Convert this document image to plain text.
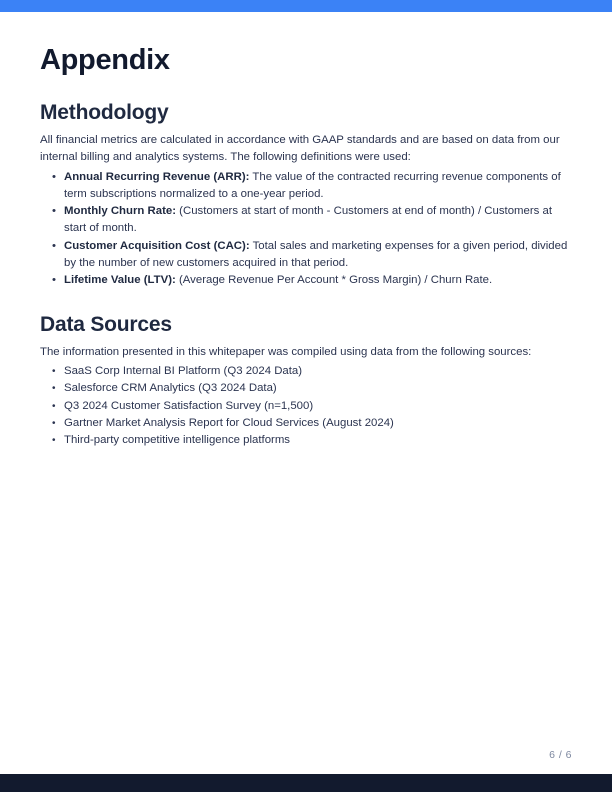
Appendix
Methodology

All financial metrics are calculated in accordance with GAAP standards and are based on data from our internal billing and analytics systems. The following definitions were used:

• Annual Recurring Revenue (ARR): The value of the contracted recurring revenue components of term subscriptions normalized to a one-year period.
• Monthly Churn Rate: (Customers at start of month - Customers at end of month) / Customers at start of month.
• Customer Acquisition Cost (CAC): Total sales and marketing expenses for a given period, divided by the number of new customers acquired in that period.
• Lifetime Value (LTV): (Average Revenue Per Account * Gross Margin) / Churn Rate.
Data Sources

The information presented in this whitepaper was compiled using data from the following sources:

• SaaS Corp Internal BI Platform (Q3 2024 Data)
• Salesforce CRM Analytics (Q3 2024 Data)
• Q3 2024 Customer Satisfaction Survey (n=1,500)
• Gartner Market Analysis Report for Cloud Services (August 2024)
• Third-party competitive intelligence platforms
6 / 6
